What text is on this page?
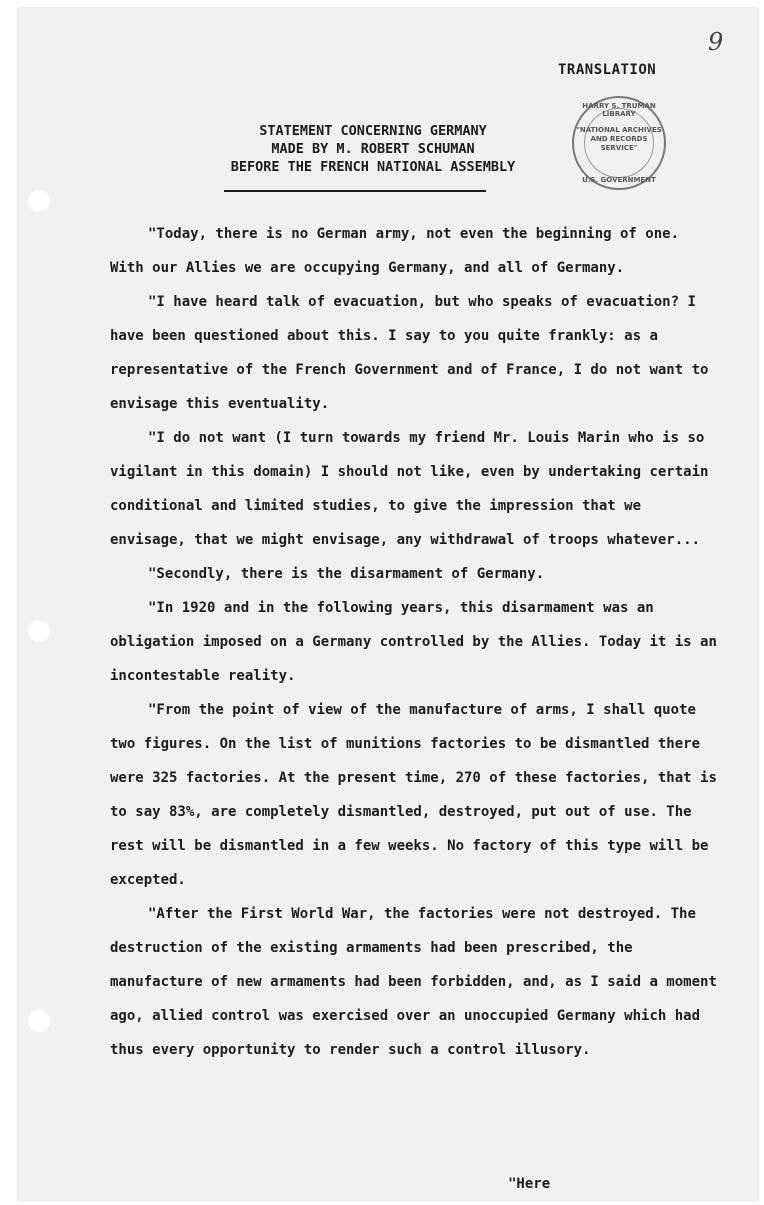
9
TRANSLATION
STATEMENT CONCERNING GERMANY
MADE BY M. ROBERT SCHUMAN
BEFORE THE FRENCH NATIONAL ASSEMBLY
HARRY S. TRUMAN LIBRARY
"NATIONAL ARCHIVES AND RECORDS SERVICE"
U.S. GOVERNMENT

"Today, there is no German army, not even the beginning of one. With our Allies we are occupying Germany, and all of Germany.

"I have heard talk of evacuation, but who speaks of evacuation? I have been questioned about this. I say to you quite frankly: as a representative of the French Government and of France, I do not want to envisage this eventuality.

"I do not want (I turn towards my friend Mr. Louis Marin who is so vigilant in this domain) I should not like, even by undertaking certain conditional and limited studies, to give the impression that we envisage, that we might envisage, any withdrawal of troops whatever...

"Secondly, there is the disarmament of Germany.

"In 1920 and in the following years, this disarmament was an obligation imposed on a Germany controlled by the Allies. Today it is an incontestable reality.

"From the point of view of the manufacture of arms, I shall quote two figures. On the list of munitions factories to be dismantled there were 325 factories. At the present time, 270 of these factories, that is to say 83%, are completely dismantled, destroyed, put out of use. The rest will be dismantled in a few weeks. No factory of this type will be excepted.

"After the First World War, the factories were not destroyed. The destruction of the existing armaments had been prescribed, the manufacture of new armaments had been forbidden, and, as I said a moment ago, allied control was exercised over an unoccupied Germany which had thus every opportunity to render such a control illusory.

"Here
